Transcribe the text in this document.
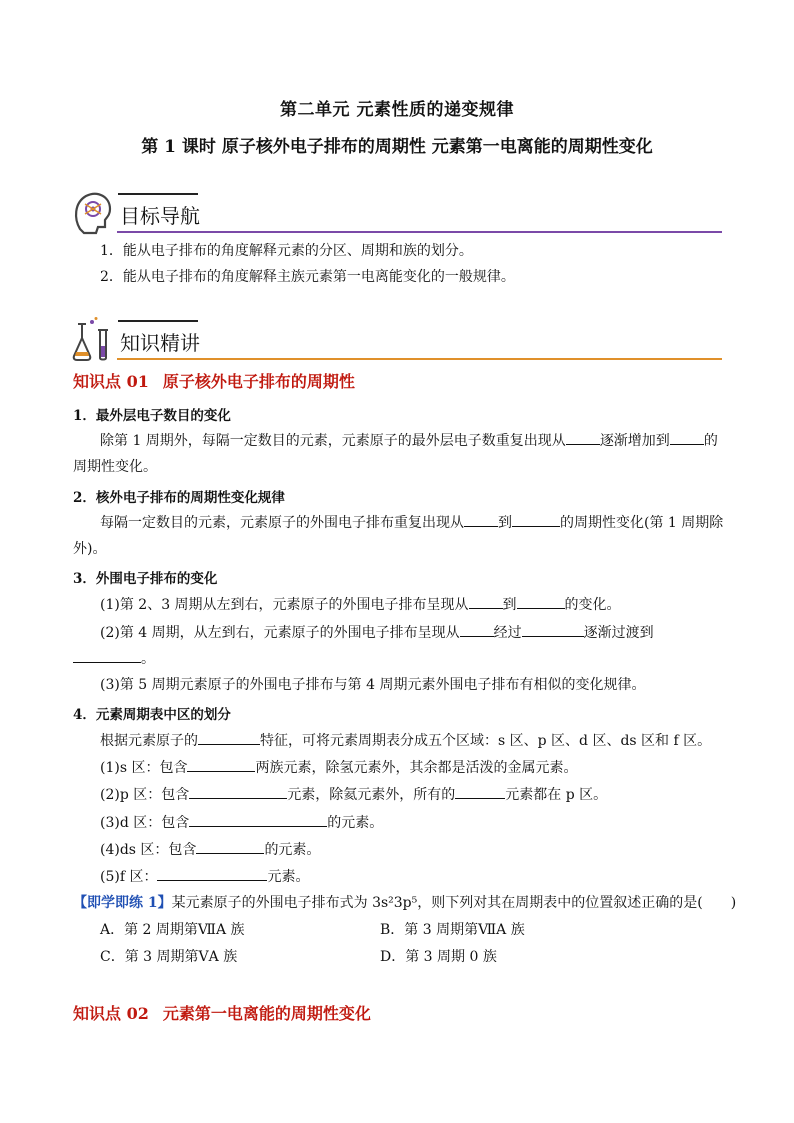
第二单元 元素性质的递变规律
第 1 课时 原子核外电子排布的周期性 元素第一电离能的周期性变化
目标导航
1．能从电子排布的角度解释元素的分区、周期和族的划分。
2．能从电子排布的角度解释主族元素第一电离能变化的一般规律。
知识精讲
知识点 01 原子核外电子排布的周期性
1．最外层电子数目的变化
除第 1 周期外，每隔一定数目的元素，元素原子的最外层电子数重复出现从 逐渐增加到 的
周期性变化。
2．核外电子排布的周期性变化规律
每隔一定数目的元素，元素原子的外围电子排布重复出现从 到	的周期性变化(第 1 周期除
外)。
3．外围电子排布的变化
(1)第 2、3 周期从左到右，元素原子的外围电子排布呈现从 到	的变化。
(2)第 4 周期，从左到右，元素原子的外围电子排布呈现从 经过	逐渐过渡到
。
(3)第 5 周期元素原子的外围电子排布与第 4 周期元素外围电子排布有相似的变化规律。
4．元素周期表中区的划分
根据元素原子的	特征，可将元素周期表分成五个区域：s 区、p 区、d 区、ds 区和 f 区。
(1)s 区：包含	两族元素，除氢元素外，其余都是活泼的金属元素。
(2)p 区：包含	元素，除氦元素外，所有的	元素都在 p 区。
(3)d 区：包含	的元素。
(4)ds 区：包含	的元素。
(5)f 区：	元素。
【即学即练 1】某元素原子的外围电子排布式为 3s²3p⁵，则下列对其在周期表中的位置叙述正确的是(　　)
A．第 2 周期第ⅦA 族	B．第 3 周期第ⅦA 族
C．第 3 周期第ⅤA 族	D．第 3 周期 0 族
知识点 02 元素第一电离能的周期性变化
